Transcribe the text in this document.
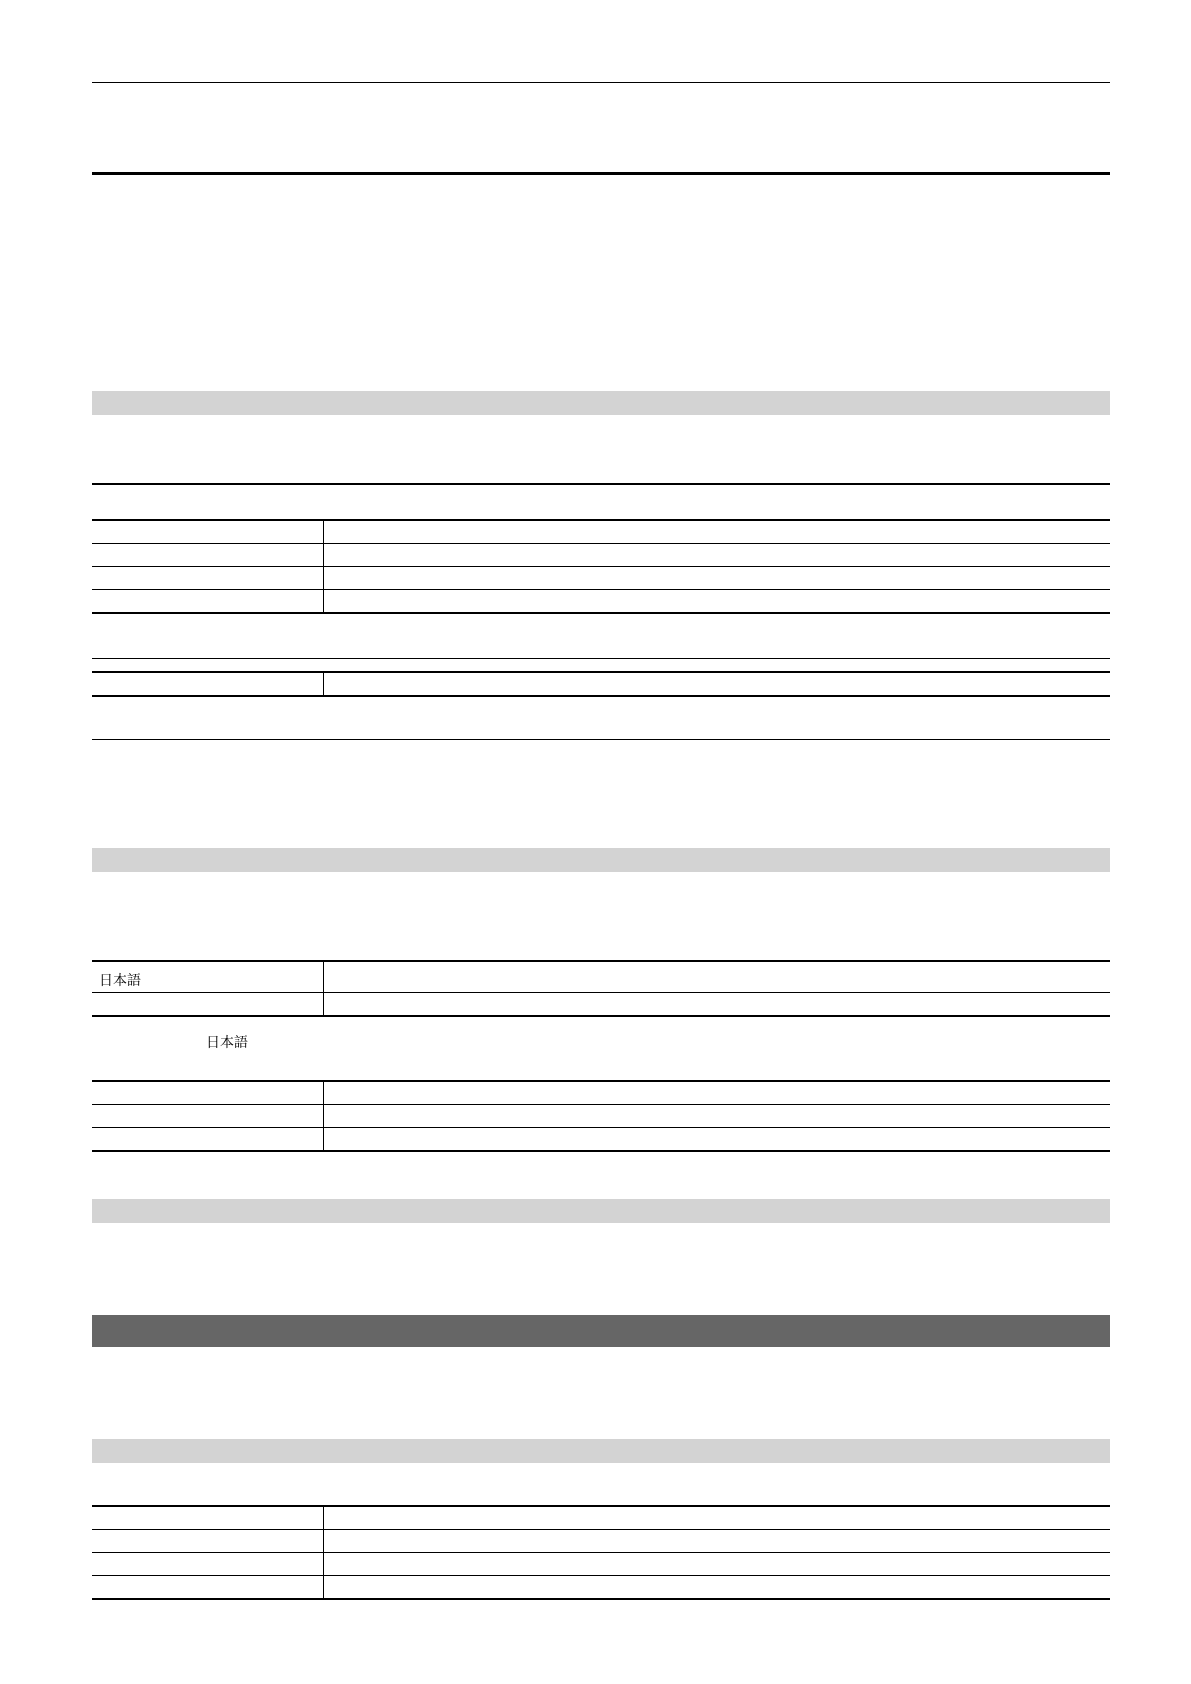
日本語	

日本語
